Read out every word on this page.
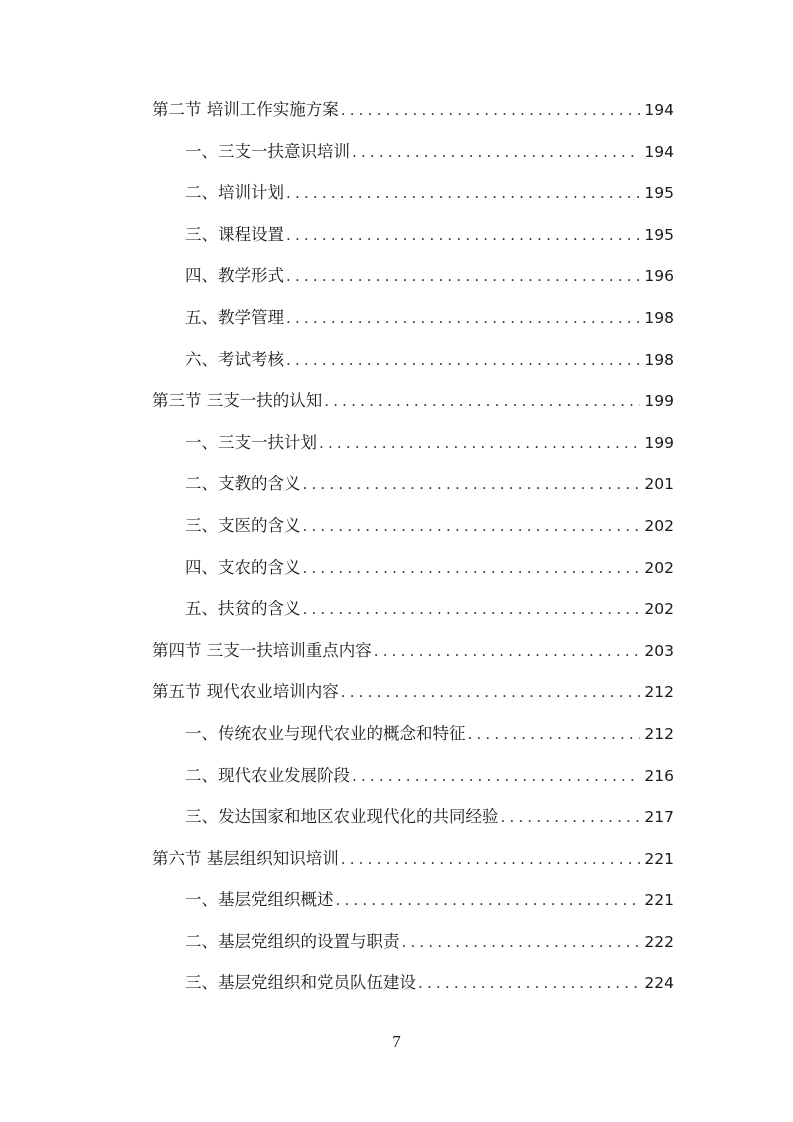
第二节 培训工作实施方案 .....	194
一、三支一扶意识培训 .....	194
二、培训计划 .....	195
三、课程设置 .....	195
四、教学形式 .....	196
五、教学管理 .....	198
六、考试考核 .....	198
第三节 三支一扶的认知 .....	199
一、三支一扶计划 .....	199
二、支教的含义 .....	201
三、支医的含义 .....	202
四、支农的含义 .....	202
五、扶贫的含义 .....	202
第四节 三支一扶培训重点内容 .....	203
第五节 现代农业培训内容 .....	212
一、传统农业与现代农业的概念和特征 .....	212
二、现代农业发展阶段 .....	216
三、发达国家和地区农业现代化的共同经验 .....	217
第六节 基层组织知识培训 .....	221
一、基层党组织概述 .....	221
二、基层党组织的设置与职责 .....	222
三、基层党组织和党员队伍建设 .....	224
7
